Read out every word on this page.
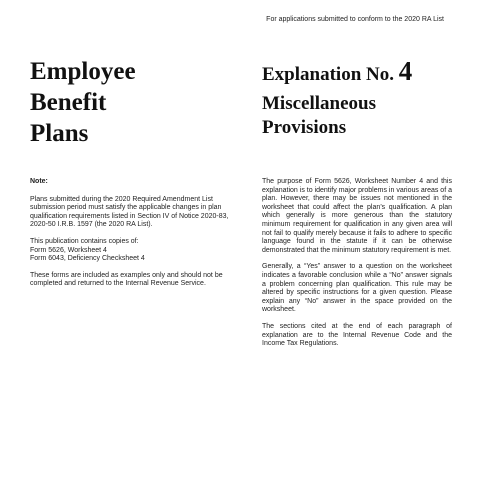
For applications submitted to conform to the 2020 RA List
Employee
Benefit
Plans
Explanation No. 4
Miscellaneous
Provisions
Note:

Plans submitted during the 2020 Required Amendment List submission period must satisfy the applicable changes in plan qualification requirements listed in Section IV of Notice 2020-83, 2020-50 I.R.B. 1597 (the 2020 RA List).

This publication contains copies of:
Form 5626, Worksheet 4
Form 6043, Deficiency Checksheet 4

These forms are included as examples only and should not be completed and returned to the Internal Revenue Service.

The purpose of Form 5626, Worksheet Number 4 and this explanation is to identify major problems in various areas of a plan. However, there may be issues not mentioned in the worksheet that could affect the plan’s qualification. A plan which generally is more generous than the statutory minimum requirement for qualification in any given area will not fail to qualify merely because it fails to adhere to specific language found in the statute if it can be otherwise demonstrated that the minimum statutory requirement is met.

Generally, a “Yes” answer to a question on the worksheet indicates a favorable conclusion while a “No” answer signals a problem concerning plan qualification. This rule may be altered by specific instructions for a given question. Please explain any “No” answer in the space provided on the worksheet.

The sections cited at the end of each paragraph of explanation are to the Internal Revenue Code and the Income Tax Regulations.
